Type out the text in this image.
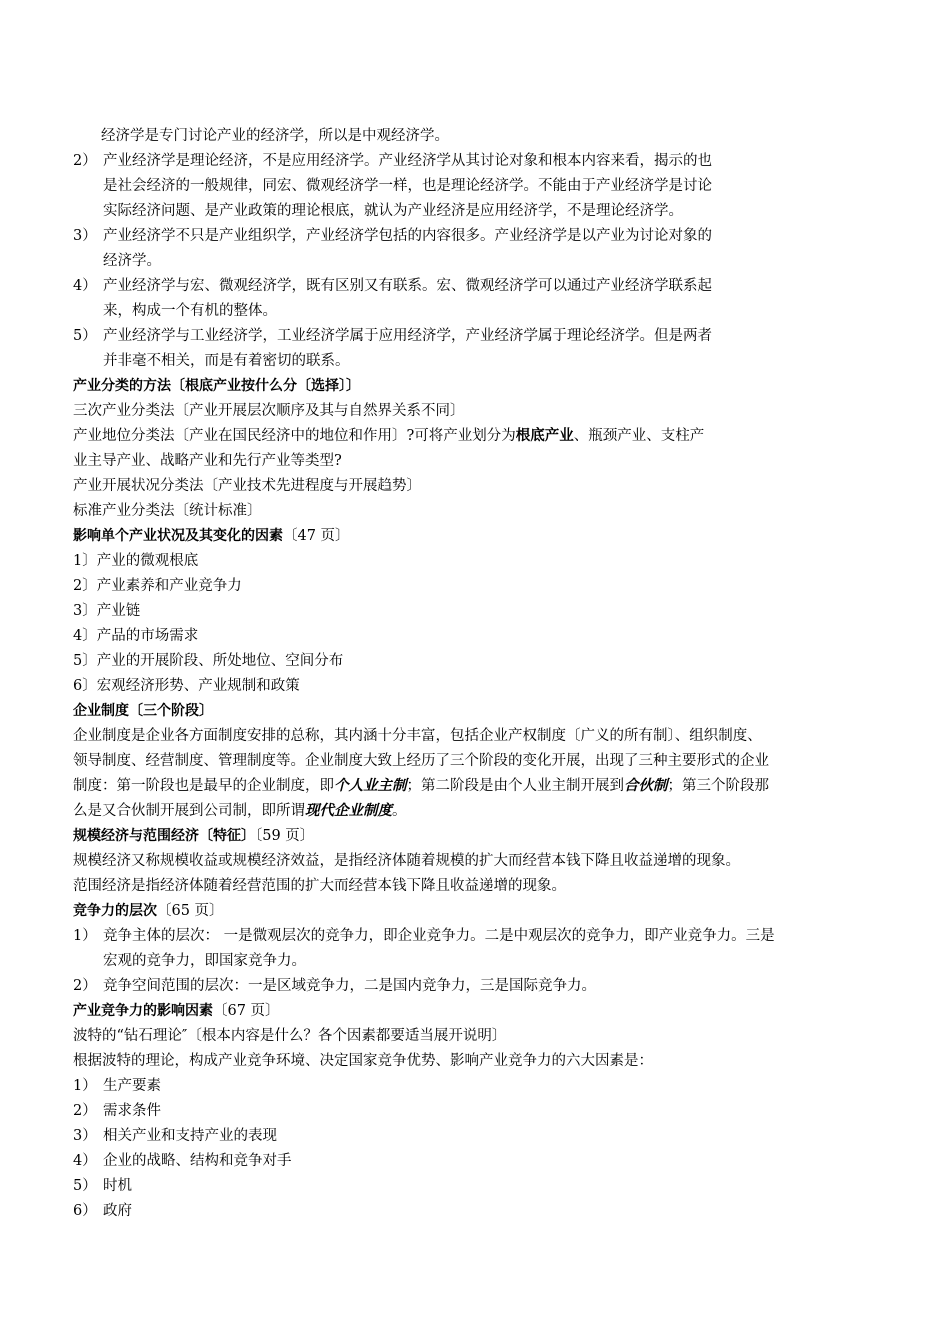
经济学是专门讨论产业的经济学，所以是中观经济学。
2） 产业经济学是理论经济，不是应用经济学。产业经济学从其讨论对象和根本内容来看，揭示的也
是社会经济的一般规律，同宏、微观经济学一样，也是理论经济学。不能由于产业经济学是讨论
实际经济问题、是产业政策的理论根底，就认为产业经济是应用经济学，不是理论经济学。
3） 产业经济学不只是产业组织学，产业经济学包括的内容很多。产业经济学是以产业为讨论对象的
经济学。
4） 产业经济学与宏、微观经济学，既有区别又有联系。宏、微观经济学可以通过产业经济学联系起
来，构成一个有机的整体。
5） 产业经济学与工业经济学，工业经济学属于应用经济学，产业经济学属于理论经济学。但是两者
并非毫不相关，而是有着密切的联系。
产业分类的方法〔根底产业按什么分〔选择〕〕
三次产业分类法〔产业开展层次顺序及其与自然界关系不同〕
产业地位分类法〔产业在国民经济中的地位和作用〕?可将产业划分为根底产业、瓶颈产业、支柱产
业主导产业、战略产业和先行产业等类型?
产业开展状况分类法〔产业技术先进程度与开展趋势〕
标准产业分类法〔统计标准〕
影响单个产业状况及其变化的因素〔47 页〕
1〕产业的微观根底
2〕产业素养和产业竞争力
3〕产业链
4〕产品的市场需求
5〕产业的开展阶段、所处地位、空间分布
6〕宏观经济形势、产业规制和政策
企业制度〔三个阶段〕
企业制度是企业各方面制度安排的总称，其内涵十分丰富，包括企业产权制度〔广义的所有制〕、组织制度、
领导制度、经营制度、管理制度等。企业制度大致上经历了三个阶段的变化开展，出现了三种主要形式的企业
制度：第一阶段也是最早的企业制度，即个人业主制；第二阶段是由个人业主制开展到合伙制；第三个阶段那
么是又合伙制开展到公司制，即所谓现代企业制度。
规模经济与范围经济〔特征〕〔59 页〕
规模经济又称规模收益或规模经济效益，是指经济体随着规模的扩大而经营本钱下降且收益递增的现象。
范围经济是指经济体随着经营范围的扩大而经营本钱下降且收益递增的现象。
竞争力的层次〔65 页〕
1） 竞争主体的层次： 一是微观层次的竞争力，即企业竞争力。二是中观层次的竞争力，即产业竞争力。三是
宏观的竞争力，即国家竞争力。
2） 竞争空间范围的层次：一是区域竞争力，二是国内竞争力，三是国际竞争力。
产业竞争力的影响因素〔67 页〕
波特的“钻石理论″〔根本内容是什么？各个因素都要适当展开说明〕
根据波特的理论，构成产业竞争环境、决定国家竞争优势、影响产业竞争力的六大因素是：
1） 生产要素
2） 需求条件
3） 相关产业和支持产业的表现
4） 企业的战略、结构和竞争对手
5） 时机
6） 政府
